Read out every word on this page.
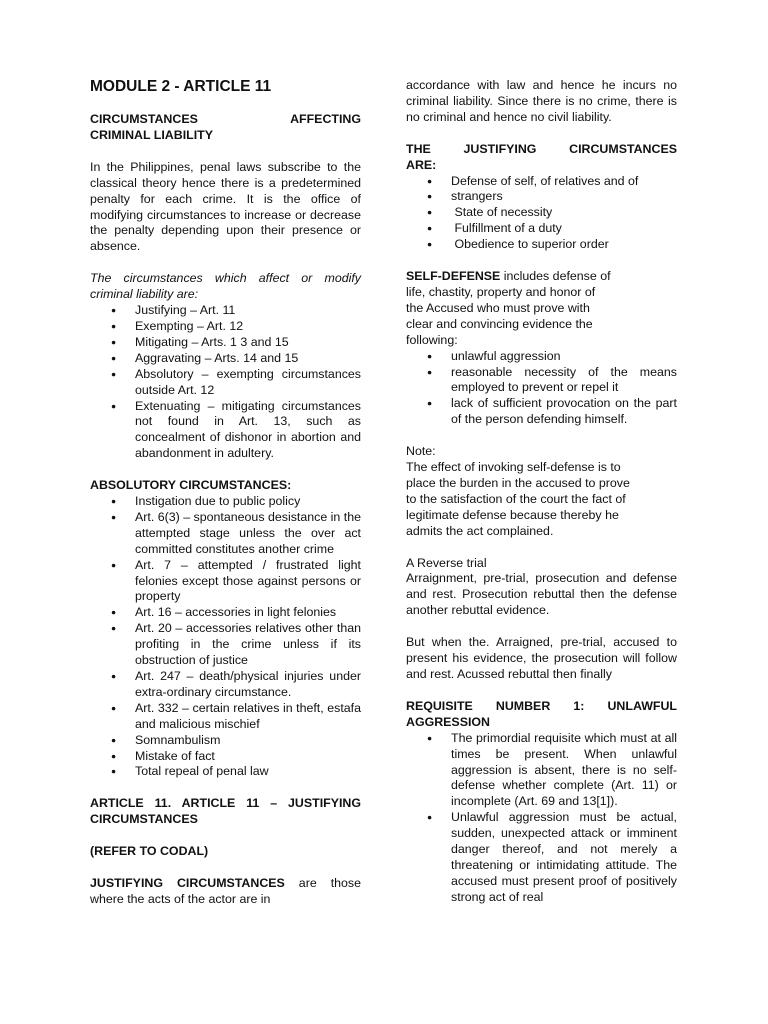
MODULE 2 - ARTICLE 11

CIRCUMSTANCES AFFECTING

CRIMINAL LIABILITY

In the Philippines, penal laws subscribe to the classical theory hence there is a predetermined penalty for each crime. It is the office of modifying circumstances to increase or decrease the penalty depending upon their presence or absence.

The circumstances which affect or modify criminal liability are:

● Justifying – Art. 11
● Exempting – Art. 12
● Mitigating – Arts. 1 3 and 15
● Aggravating – Arts. 14 and 15
● Absolutory – exempting circumstances outside Art. 12
● Extenuating – mitigating circumstances not found in Art. 13, such as concealment of dishonor in abortion and abandonment in adultery.

ABSOLUTORY CIRCUMSTANCES:

● Instigation due to public policy
● Art. 6(3) – spontaneous desistance in the attempted stage unless the over act committed constitutes another crime
● Art. 7 – attempted / frustrated light felonies except those against persons or property
● Art. 16 – accessories in light felonies
● Art. 20 – accessories relatives other than profiting in the crime unless if its obstruction of justice
● Art. 247 – death/physical injuries under extra-ordinary circumstance.
● Art. 332 – certain relatives in theft, estafa and malicious mischief
● Somnambulism
● Mistake of fact
● Total repeal of penal law

ARTICLE 11. ARTICLE 11 – JUSTIFYING

CIRCUMSTANCES

(REFER TO CODAL)

JUSTIFYING CIRCUMSTANCES are those where the acts of the actor are in

accordance with law and hence he incurs no criminal liability. Since there is no crime, there is no criminal and hence no civil liability.

THE JUSTIFYING CIRCUMSTANCES

ARE:

● Defense of self, of relatives and of
● strangers
●  State of necessity
●  Fulfillment of a duty
●  Obedience to superior order

SELF-DEFENSE includes defense of

life, chastity, property and honor of

the Accused who must prove with

clear and convincing evidence the

following:

● unlawful aggression
● reasonable necessity of the means employed to prevent or repel it
● lack of sufficient provocation on the part of the person defending himself.

Note:

The effect of invoking self-defense is to

place the burden in the accused to prove

to the satisfaction of the court the fact of

legitimate defense because thereby he

admits the act complained.

A Reverse trial

Arraignment, pre-trial, prosecution and defense and rest. Prosecution rebuttal then the defense another rebuttal evidence.

But when the. Arraigned, pre-trial, accused to present his evidence, the prosecution will follow and rest. Acussed rebuttal then finally

REQUISITE NUMBER 1: UNLAWFUL

AGGRESSION

● The primordial requisite which must at all times be present. When unlawful aggression is absent, there is no self-defense whether complete (Art. 11) or incomplete (Art. 69 and 13[1]).
● Unlawful aggression must be actual, sudden, unexpected attack or imminent danger thereof, and not merely a threatening or intimidating attitude. The accused must present proof of positively strong act of real
